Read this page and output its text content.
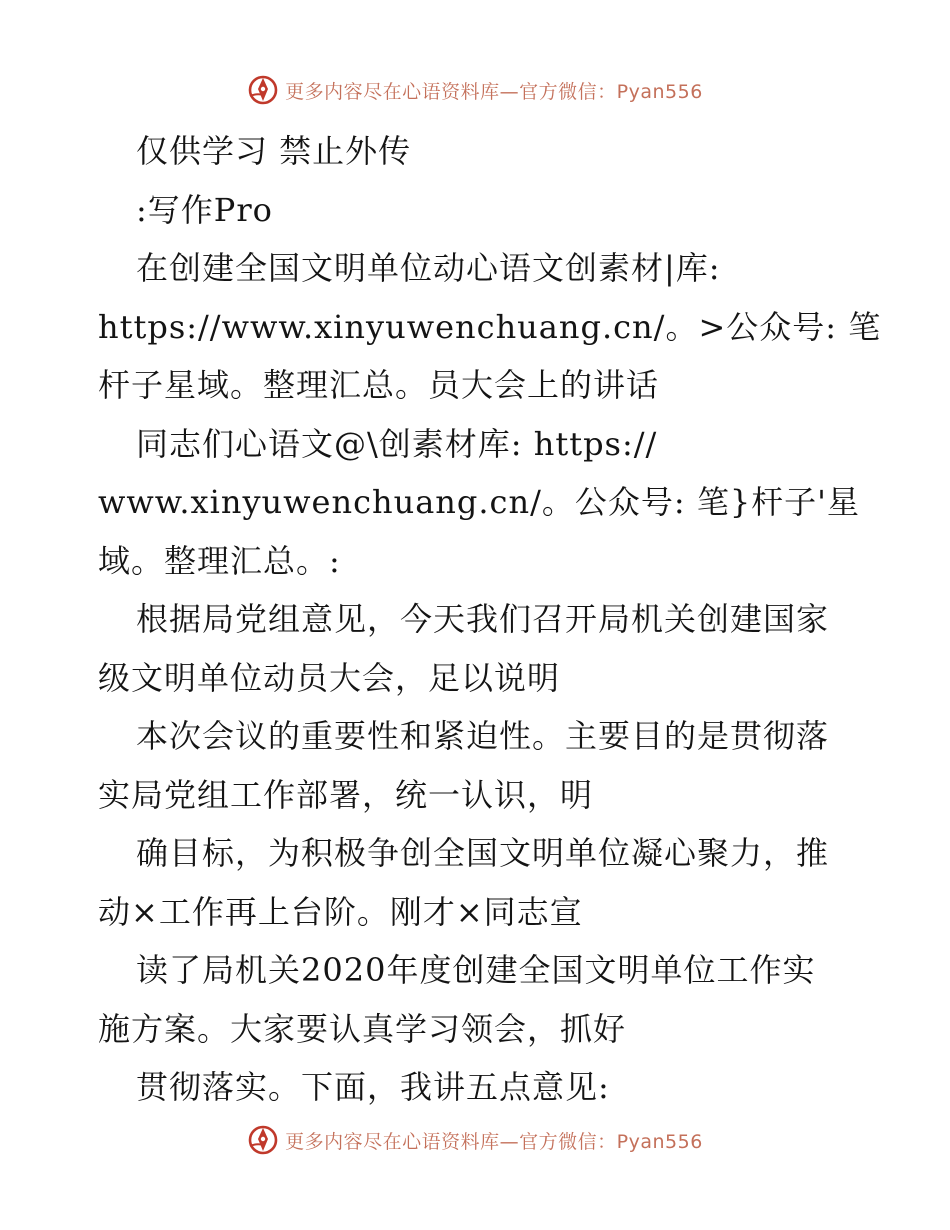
更多内容尽在心语资料库—官方微信：Pyan556
仅供学习 禁止外传
:写作Pro
在创建全国文明单位动心语文创素材|库:
https://www.xinyuwenchuang.cn/。>公众号: 笔
杆子星域。整理汇总。员大会上的讲话
同志们心语文@\创素材库: https://
www.xinyuwenchuang.cn/。公众号: 笔}杆子'星
域。整理汇总。:
根据局党组意见，今天我们召开局机关创建国家
级文明单位动员大会，足以说明
本次会议的重要性和紧迫性。主要目的是贯彻落
实局党组工作部署，统一认识，明
确目标，为积极争创全国文明单位凝心聚力，推
动×工作再上台阶。刚才×同志宣
读了局机关2020年度创建全国文明单位工作实
施方案。大家要认真学习领会，抓好
贯彻落实。下面，我讲五点意见:
更多内容尽在心语资料库—官方微信：Pyan556
